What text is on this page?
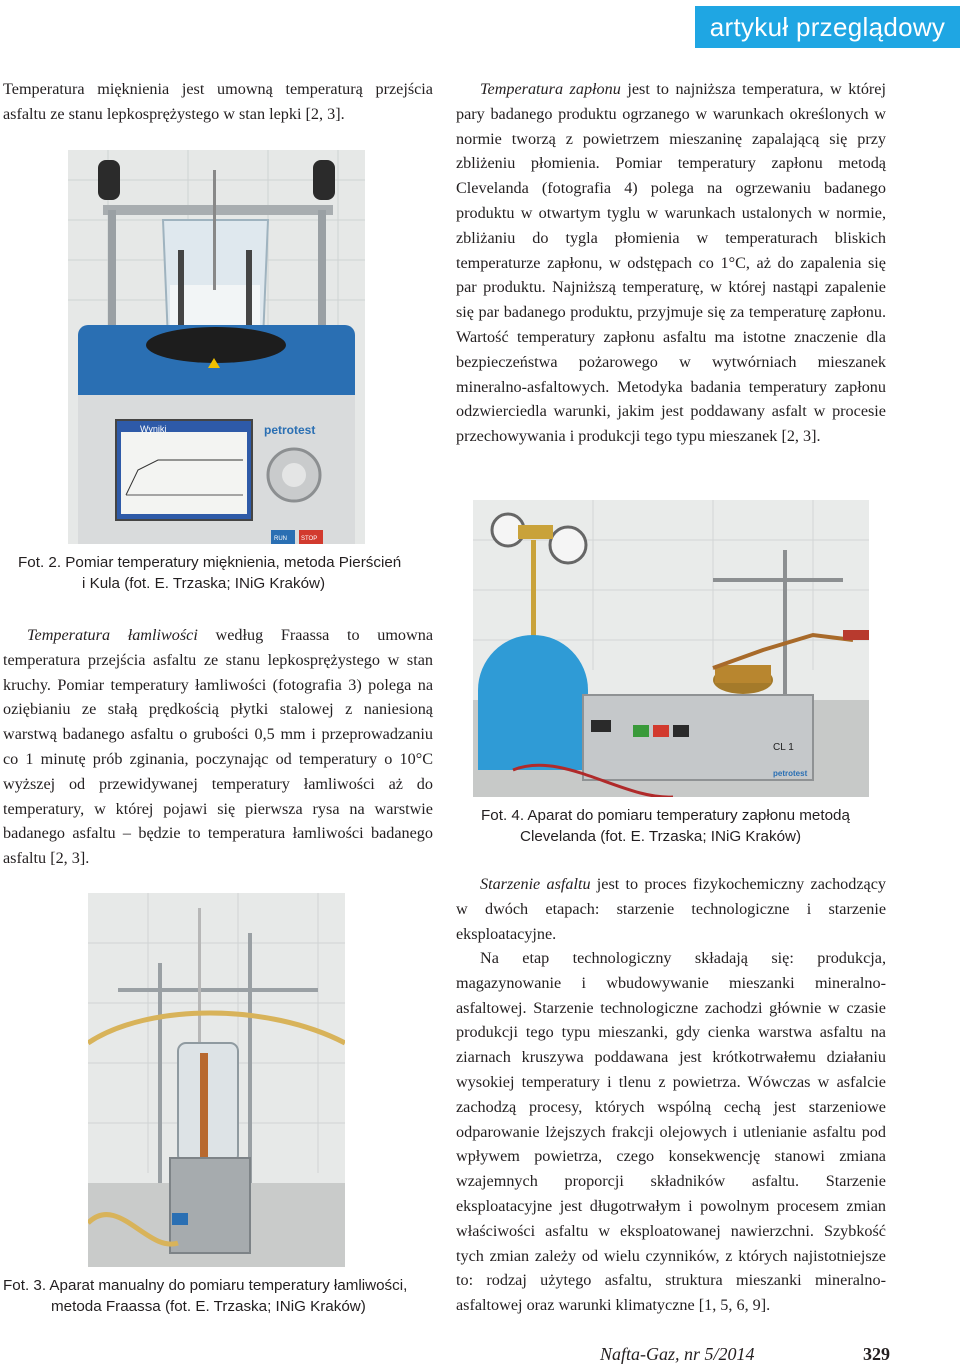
artykuł przeglądowy

Temperatura mięknienia jest umowną temperaturą przejścia asfaltu ze stanu lepkosprężystego w stan lepki [2, 3].

Temperatura zapłonu jest to najniższa temperatura, w której pary badanego produktu ogrzanego w warunkach określonych w normie tworzą z powietrzem mieszaninę zapalającą się przy zbliżeniu płomienia. Pomiar temperatury zapłonu metodą Clevelanda (fotografia 4) polega na ogrzewaniu badanego produktu w otwartym tyglu w warunkach ustalonych w normie, zbliżaniu do tygla płomienia w temperaturach bliskich temperaturze zapłonu, w odstępach co 1°C, aż do zapalenia się par produktu. Najniższą temperaturę, w której nastąpi zapalenie się par badanego produktu, przyjmuje się za temperaturę zapłonu. Wartość temperatury zapłonu asfaltu ma istotne znaczenie dla bezpieczeństwa pożarowego w wytwórniach mieszanek mineralno-asfaltowych. Metodyka badania temperatury zapłonu odzwierciedla warunki, jakim jest poddawany asfalt w procesie przechowywania i produkcji tego typu mieszanek [2, 3].

Wyniki	petrotest
RUN STOP

Fot. 2. Pomiar temperatury mięknienia, metoda Pierścień
i Kula (fot. E. Trzaska; INiG Kraków)

Temperatura łamliwości według Fraassa to umowna temperatura przejścia asfaltu ze stanu lepkosprężystego w stan kruchy. Pomiar temperatury łamliwości (fotografia 3) polega na oziębianiu ze stałą prędkością płytki stalowej z naniesioną warstwą badanego asfaltu o grubości 0,5 mm i przeprowadzaniu co 1 minutę prób zginania, poczynając od temperatury o 10°C wyższej od przewidywanej temperatury łamliwości aż do temperatury, w której pojawi się pierwsza rysa na warstwie badanego asfaltu – będzie to temperatura łamliwości badanego asfaltu [2, 3].

CL 1
petrotest

Fot. 4. Aparat do pomiaru temperatury zapłonu metodą
Clevelanda (fot. E. Trzaska; INiG Kraków)

Fot. 3. Aparat manualny do pomiaru temperatury łamliwości,
metoda Fraassa (fot. E. Trzaska; INiG Kraków)

Starzenie asfaltu jest to proces fizykochemiczny zachodzący w dwóch etapach: starzenie technologiczne i starzenie eksploatacyjne.

Na etap technologiczny składają się: produkcja, magazynowanie i wbudowywanie mieszanki mineralno-asfaltowej. Starzenie technologiczne zachodzi głównie w czasie produkcji tego typu mieszanki, gdy cienka warstwa asfaltu na ziarnach kruszywa poddawana jest krótkotrwałemu działaniu wysokiej temperatury i tlenu z powietrza. Wówczas w asfalcie zachodzą procesy, których wspólną cechą jest starzeniowe odparowanie lżejszych frakcji olejowych i utlenianie asfaltu pod wpływem powietrza, czego konsekwencję stanowi zmiana wzajemnych proporcji składników asfaltu. Starzenie eksploatacyjne jest długotrwałym i powolnym procesem zmian właściwości asfaltu w eksploatowanej nawierzchni. Szybkość tych zmian zależy od wielu czynników, z których najistotniejsze to: rodzaj użytego asfaltu, struktura mieszanki mineralno-asfaltowej oraz warunki klimatyczne [1, 5, 6, 9].

Nafta-Gaz, nr 5/2014	329
